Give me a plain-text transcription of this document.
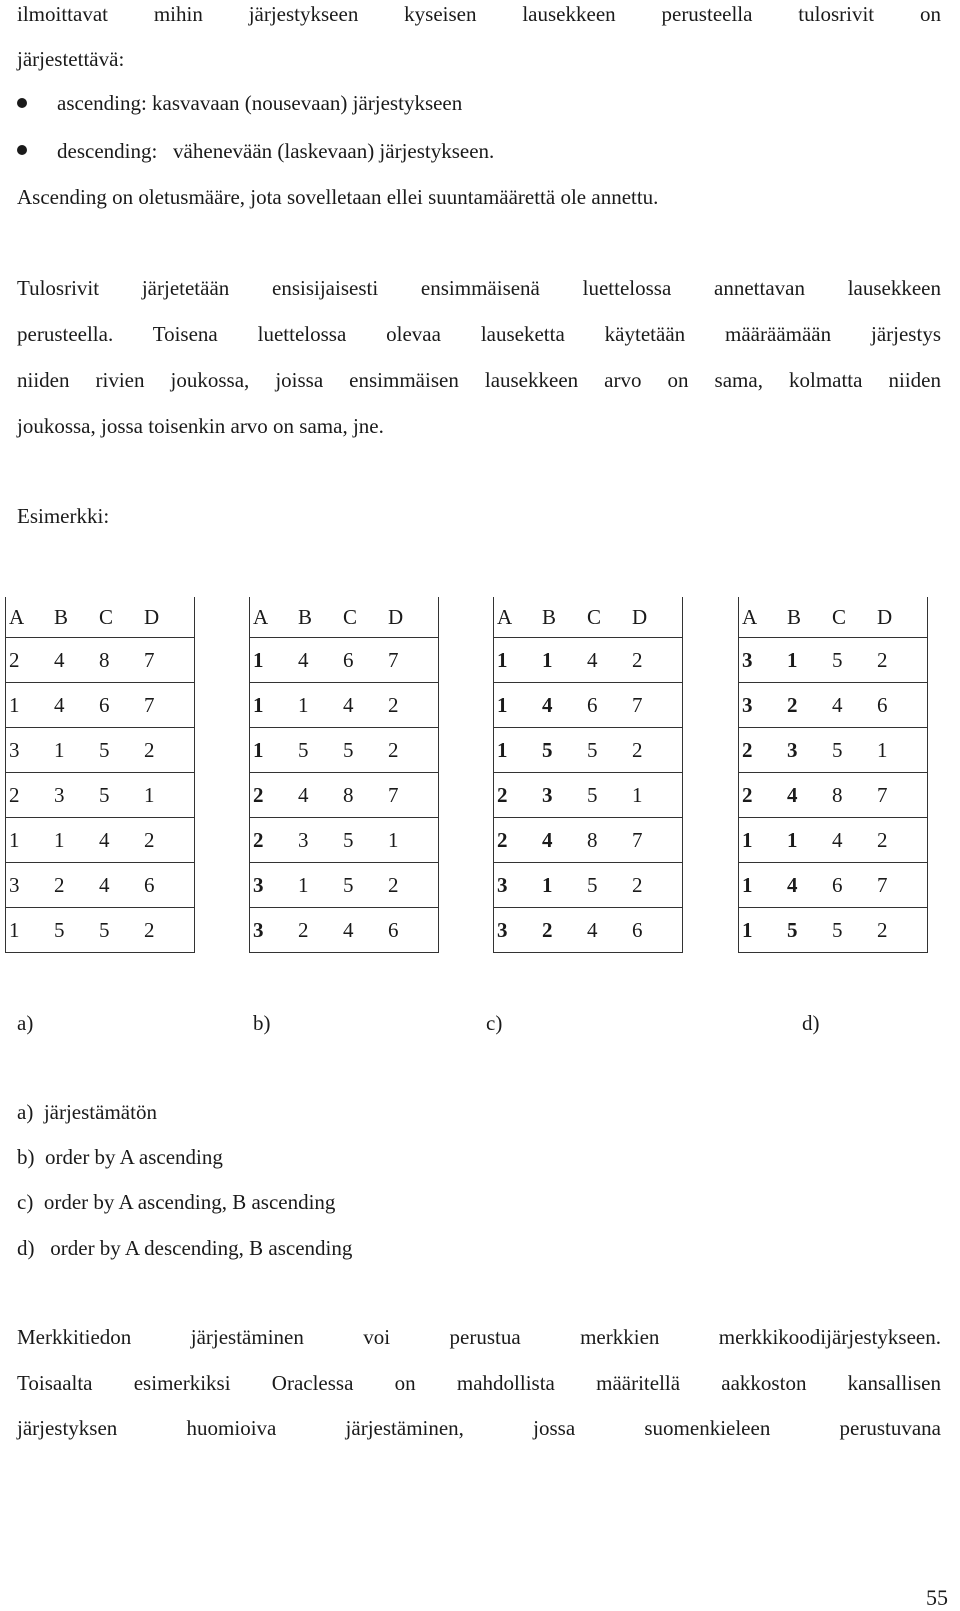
ilmoittavat mihin järjestykseen kyseisen lausekkeen perusteella tulosrivit on
järjestettävä:
ascending: kasvavaan (nousevaan) järjestykseen
descending:   vähenevään (laskevaan) järjestykseen.
Ascending on oletusmääre, jota sovelletaan ellei suuntamäärettä ole annettu.
Tulosrivit järjetetään ensisijaisesti ensimmäisenä luettelossa annettavan lausekkeen
perusteella. Toisena luettelossa olevaa lauseketta käytetään määräämään järjestys
niiden rivien joukossa, joissa ensimmäisen lausekkeen arvo on sama, kolmatta niiden
joukossa, jossa toisenkin arvo on sama, jne.
Esimerkki:
A	B	C	D
2	4	8	7
1	4	6	7
3	1	5	2
2	3	5	1
1	1	4	2
3	2	4	6
1	5	5	2
A	B	C	D
1	4	6	7
1	1	4	2
1	5	5	2
2	4	8	7
2	3	5	1
3	1	5	2
3	2	4	6
A	B	C	D
1	1	4	2
1	4	6	7
1	5	5	2
2	3	5	1
2	4	8	7
3	1	5	2
3	2	4	6
A	B	C	D
3	1	5	2
3	2	4	6
2	3	5	1
2	4	8	7
1	1	4	2
1	4	6	7
1	5	5	2
a)	b)	c)	d)
a) järjestämätön
b) order by A ascending
c) order by A ascending, B ascending
d)   order by A descending, B ascending
Merkkitiedon järjestäminen voi perustua merkkien merkkikoodijärjestykseen.
Toisaalta esimerkiksi Oraclessa on mahdollista määritellä aakkoston kansallisen
järjestyksen huomioiva järjestäminen, jossa suomenkieleen perustuvana
55
